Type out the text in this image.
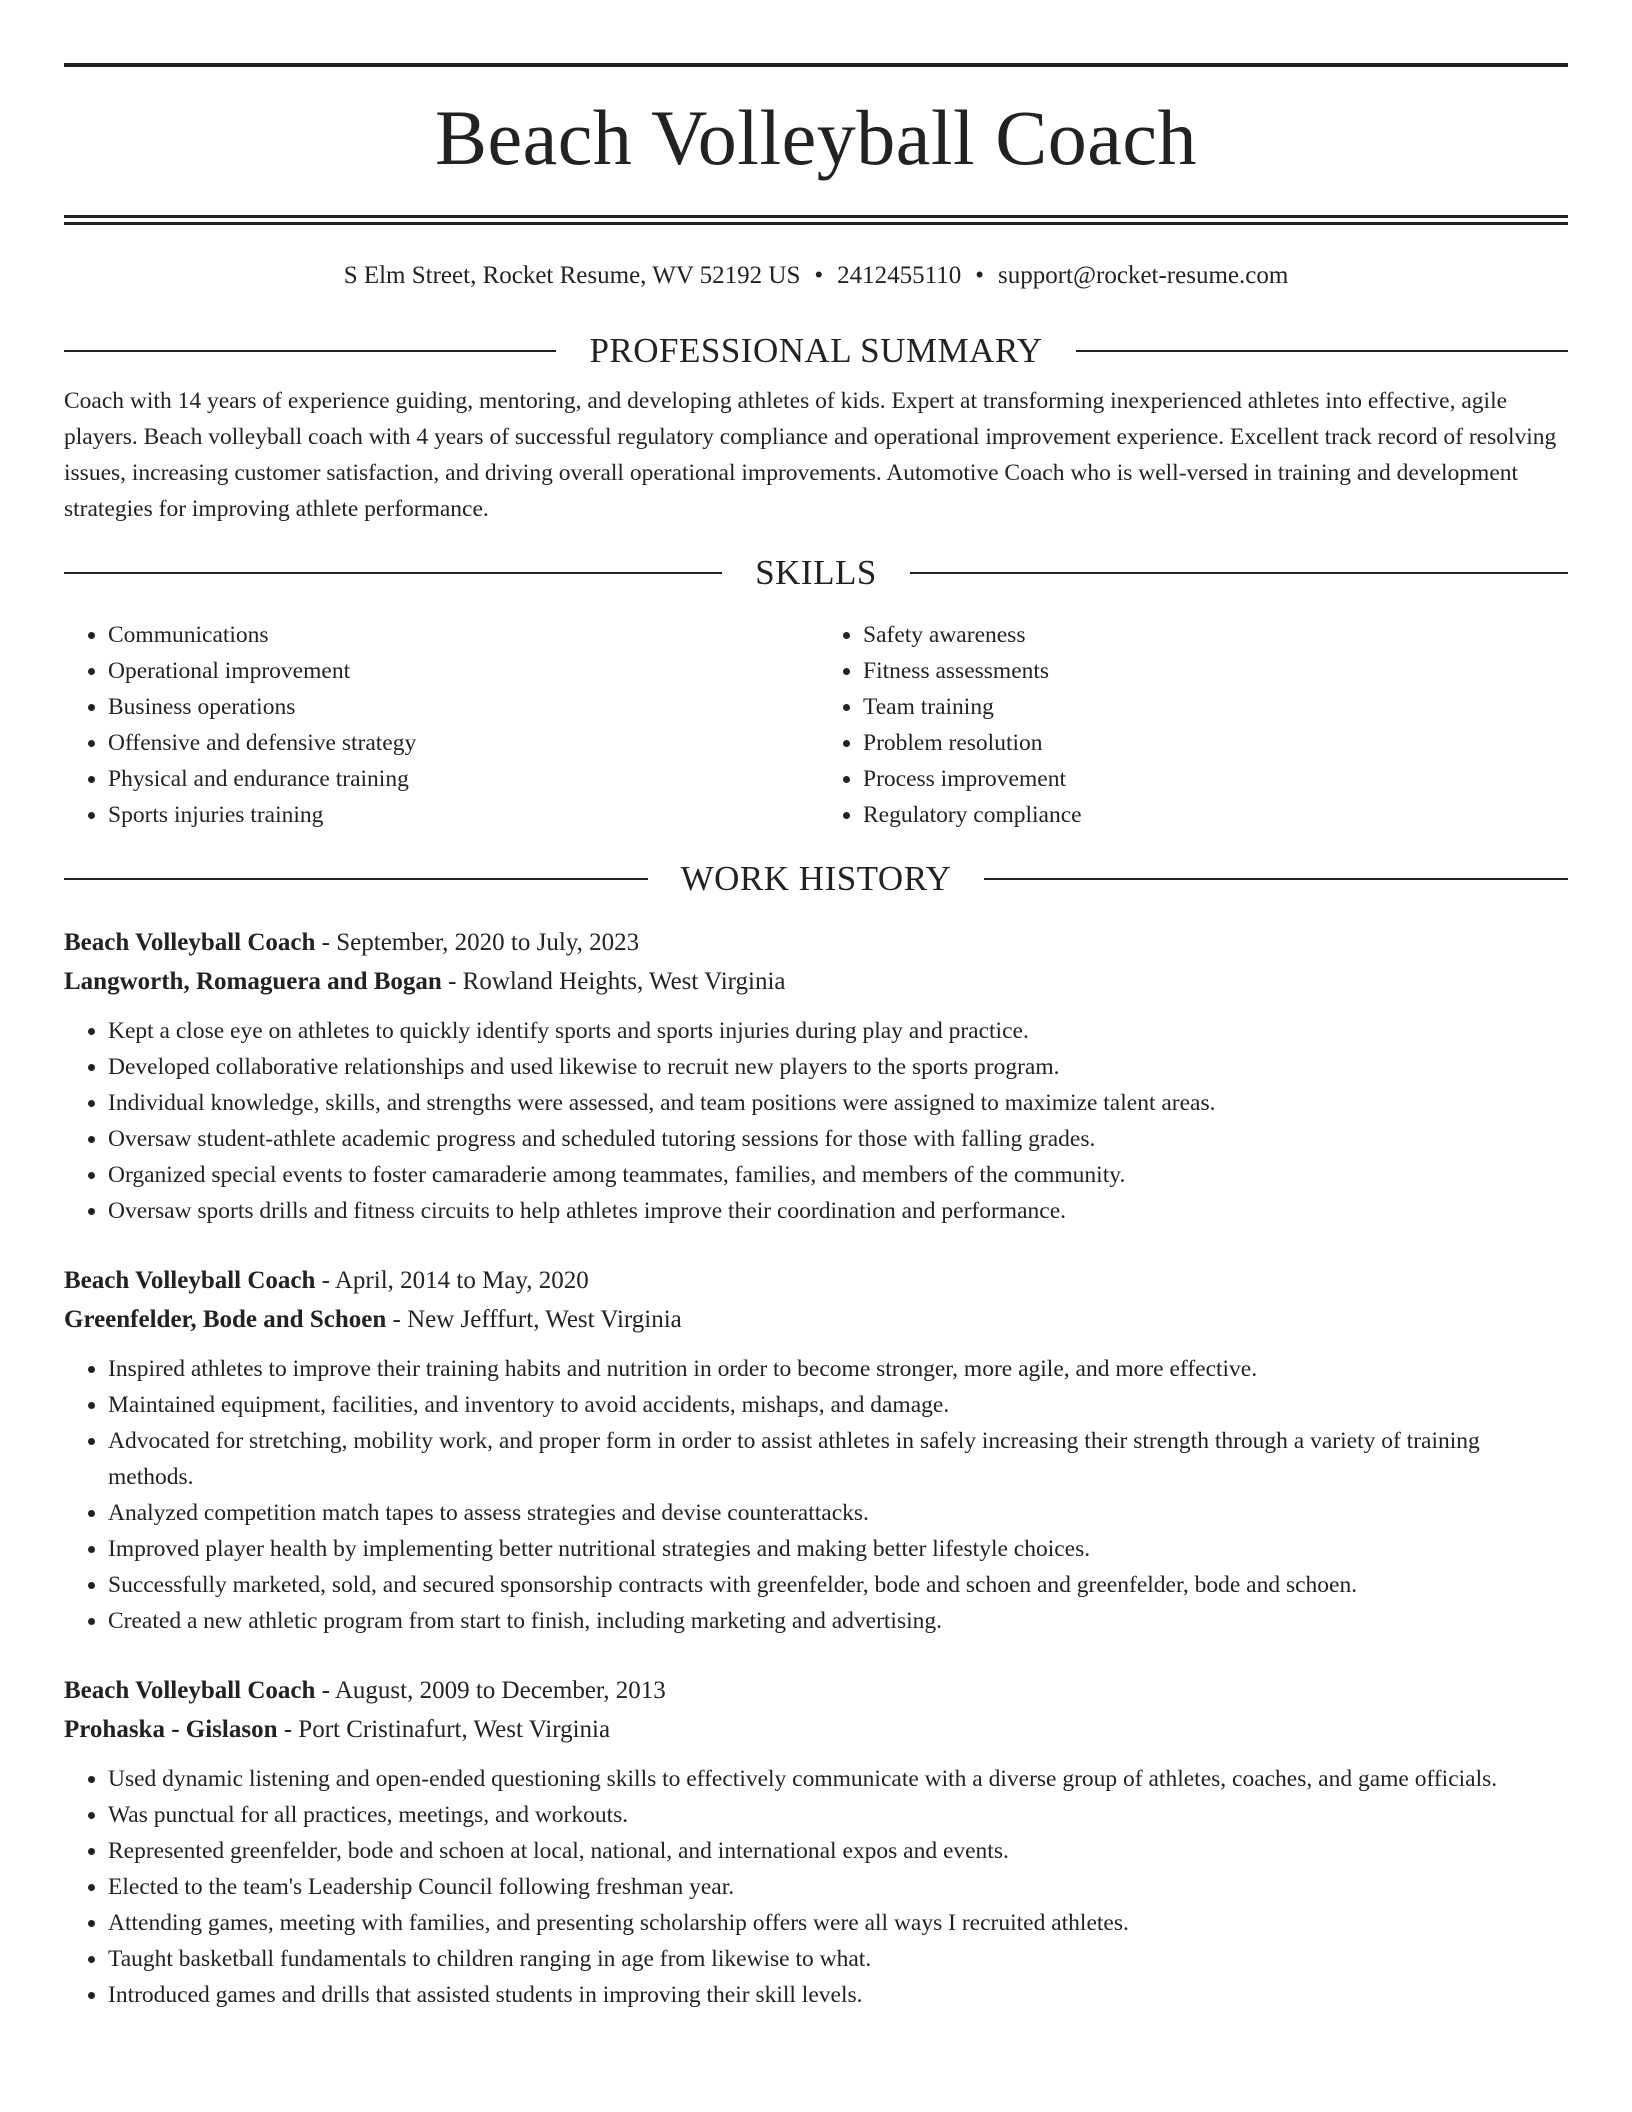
Beach Volleyball Coach
S Elm Street, Rocket Resume, WV 52192 US • 2412455110 • support@rocket-resume.com
PROFESSIONAL SUMMARY

Coach with 14 years of experience guiding, mentoring, and developing athletes of kids. Expert at transforming inexperienced athletes into effective, agile players. Beach volleyball coach with 4 years of successful regulatory compliance and operational improvement experience. Excellent track record of resolving issues, increasing customer satisfaction, and driving overall operational improvements. Automotive Coach who is well-versed in training and development strategies for improving athlete performance.

SKILLS
• Communications
• Operational improvement
• Business operations
• Offensive and defensive strategy
• Physical and endurance training
• Sports injuries training
• Safety awareness
• Fitness assessments
• Team training
• Problem resolution
• Process improvement
• Regulatory compliance
WORK HISTORY
Beach Volleyball Coach - September, 2020 to July, 2023
Langworth, Romaguera and Bogan - Rowland Heights, West Virginia
• Kept a close eye on athletes to quickly identify sports and sports injuries during play and practice.
• Developed collaborative relationships and used likewise to recruit new players to the sports program.
• Individual knowledge, skills, and strengths were assessed, and team positions were assigned to maximize talent areas.
• Oversaw student-athlete academic progress and scheduled tutoring sessions for those with falling grades.
• Organized special events to foster camaraderie among teammates, families, and members of the community.
• Oversaw sports drills and fitness circuits to help athletes improve their coordination and performance.
Beach Volleyball Coach - April, 2014 to May, 2020
Greenfelder, Bode and Schoen - New Jefffurt, West Virginia
• Inspired athletes to improve their training habits and nutrition in order to become stronger, more agile, and more effective.
• Maintained equipment, facilities, and inventory to avoid accidents, mishaps, and damage.
• Advocated for stretching, mobility work, and proper form in order to assist athletes in safely increasing their strength through a variety of training methods.
• Analyzed competition match tapes to assess strategies and devise counterattacks.
• Improved player health by implementing better nutritional strategies and making better lifestyle choices.
• Successfully marketed, sold, and secured sponsorship contracts with greenfelder, bode and schoen and greenfelder, bode and schoen.
• Created a new athletic program from start to finish, including marketing and advertising.
Beach Volleyball Coach - August, 2009 to December, 2013
Prohaska - Gislason - Port Cristinafurt, West Virginia
• Used dynamic listening and open-ended questioning skills to effectively communicate with a diverse group of athletes, coaches, and game officials.
• Was punctual for all practices, meetings, and workouts.
• Represented greenfelder, bode and schoen at local, national, and international expos and events.
• Elected to the team's Leadership Council following freshman year.
• Attending games, meeting with families, and presenting scholarship offers were all ways I recruited athletes.
• Taught basketball fundamentals to children ranging in age from likewise to what.
• Introduced games and drills that assisted students in improving their skill levels.
